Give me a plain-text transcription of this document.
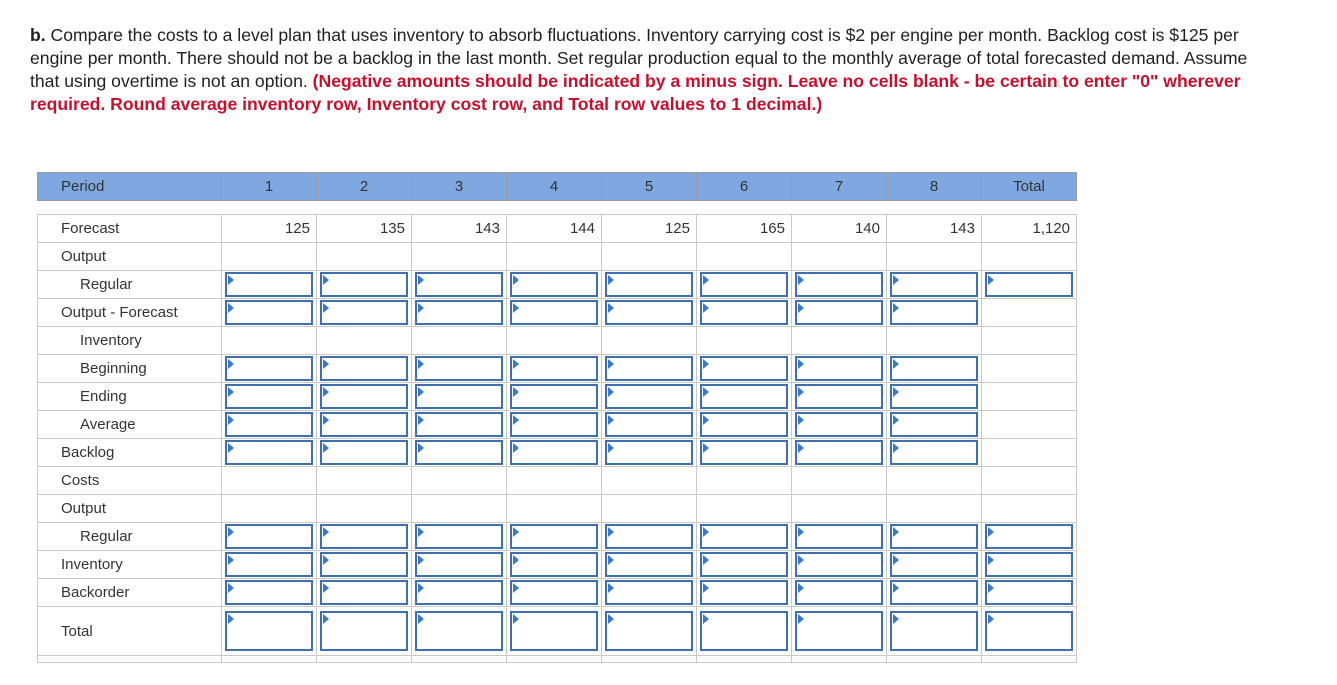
b. Compare the costs to a level plan that uses inventory to absorb fluctuations. Inventory carrying cost is $2 per engine per month. Backlog cost is $125 per engine per month. There should not be a backlog in the last month. Set regular production equal to the monthly average of total forecasted demand. Assume that using overtime is not an option. (Negative amounts should be indicated by a minus sign. Leave no cells blank - be certain to enter "0" wherever required. Round average inventory row, Inventory cost row, and Total row values to 1 decimal.)
Period	1	2	3	4	5	6	7	8	Total

Forecast	125	135	143	144	125	165	140	143	1,120
Output									
Regular	

Output - Forecast	

Inventory									
Beginning	

Ending	

Average	

Backlog	

Costs									
Output									
Regular	

Inventory	

Backorder	

Total	
